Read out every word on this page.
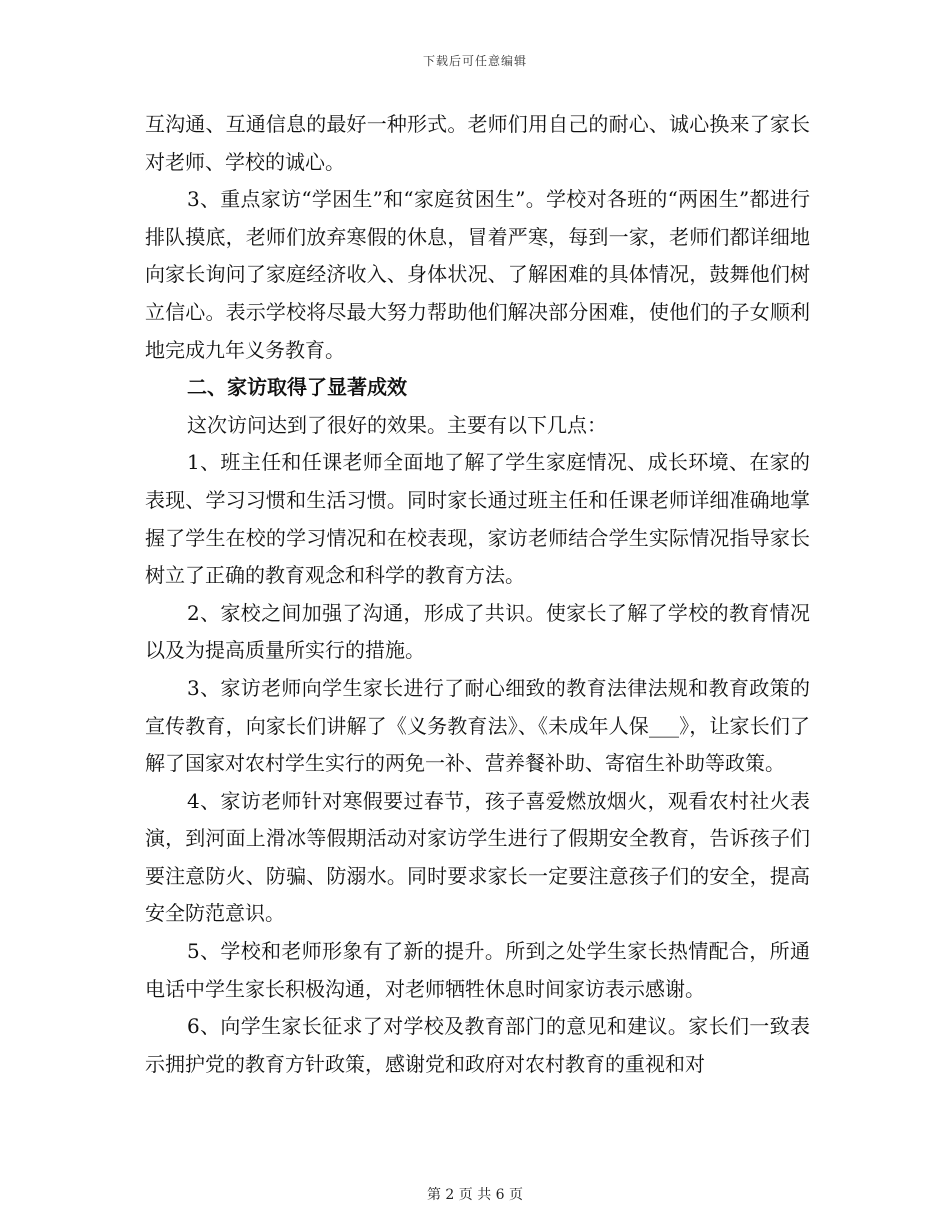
下载后可任意编辑

互沟通、互通信息的最好一种形式。老师们用自己的耐心、诚心换来了家长对老师、学校的诚心。

3、重点家访“学困生”和“家庭贫困生”。学校对各班的“两困生”都进行排队摸底，老师们放弃寒假的休息，冒着严寒，每到一家，老师们都详细地向家长询问了家庭经济收入、身体状况、了解困难的具体情况，鼓舞他们树立信心。表示学校将尽最大努力帮助他们解决部分困难，使他们的子女顺利地完成九年义务教育。

二、家访取得了显著成效

这次访问达到了很好的效果。主要有以下几点：

1、班主任和任课老师全面地了解了学生家庭情况、成长环境、在家的表现、学习习惯和生活习惯。同时家长通过班主任和任课老师详细准确地掌握了学生在校的学习情况和在校表现，家访老师结合学生实际情况指导家长树立了正确的教育观念和科学的教育方法。

2、家校之间加强了沟通，形成了共识。使家长了解了学校的教育情况以及为提高质量所实行的措施。

3、家访老师向学生家长进行了耐心细致的教育法律法规和教育政策的宣传教育，向家长们讲解了《义务教育法》、《未成年人保___》，让家长们了解了国家对农村学生实行的两免一补、营养餐补助、寄宿生补助等政策。

4、家访老师针对寒假要过春节，孩子喜爱燃放烟火，观看农村社火表演，到河面上滑冰等假期活动对家访学生进行了假期安全教育，告诉孩子们要注意防火、防骗、防溺水。同时要求家长一定要注意孩子们的安全，提高安全防范意识。

5、学校和老师形象有了新的提升。所到之处学生家长热情配合，所通电话中学生家长积极沟通，对老师牺牲休息时间家访表示感谢。

6、向学生家长征求了对学校及教育部门的意见和建议。家长们一致表示拥护党的教育方针政策，感谢党和政府对农村教育的重视和对

第 2 页 共 6 页
